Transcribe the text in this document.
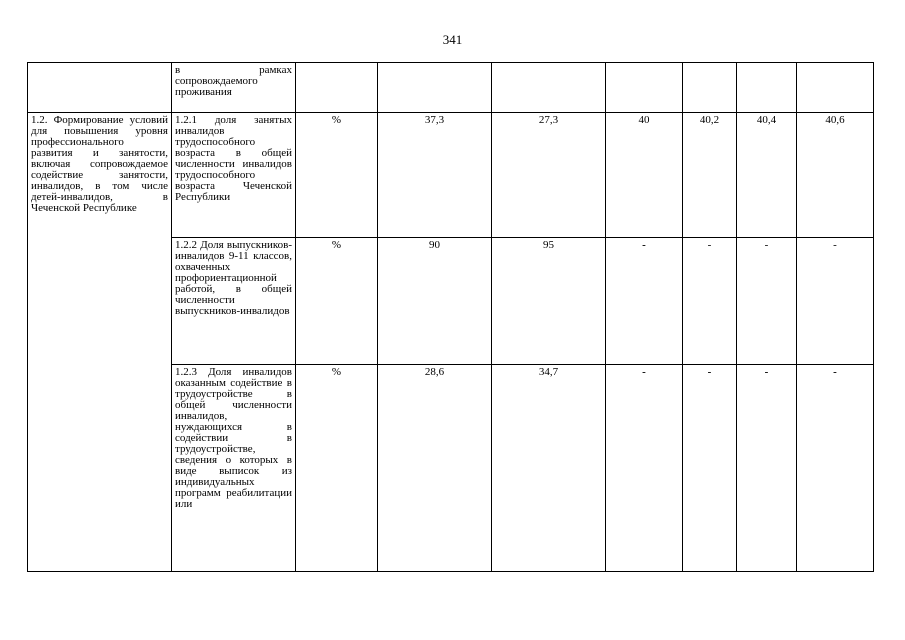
341
	в рамках сопровождаемого проживания							
1.2. Формирование условий для повышения уровня профессионального развития и занятости, включая сопровождаемое содействие занятости, инвалидов, в том числе детей-инвалидов, в Чеченской Республике	1.2.1 доля занятых инвалидов трудоспособного возраста в общей численности инвалидов трудоспособного возраста Чеченской Республики	%	37,3	27,3	40	40,2	40,4	40,6
	1.2.2 Доля выпускников-инвалидов 9-11 классов, охваченных профориентационной работой, в общей численности выпускников-инвалидов	%	90	95	-	-	-	-
	1.2.3 Доля инвалидов оказанным содействие в трудоустройстве в общей численности инвалидов, нуждающихся в содействии в трудоустройстве, сведения о которых в виде выписок из индивидуальных программ реабилитации или	%	28,6	34,7	-	-	-	-
